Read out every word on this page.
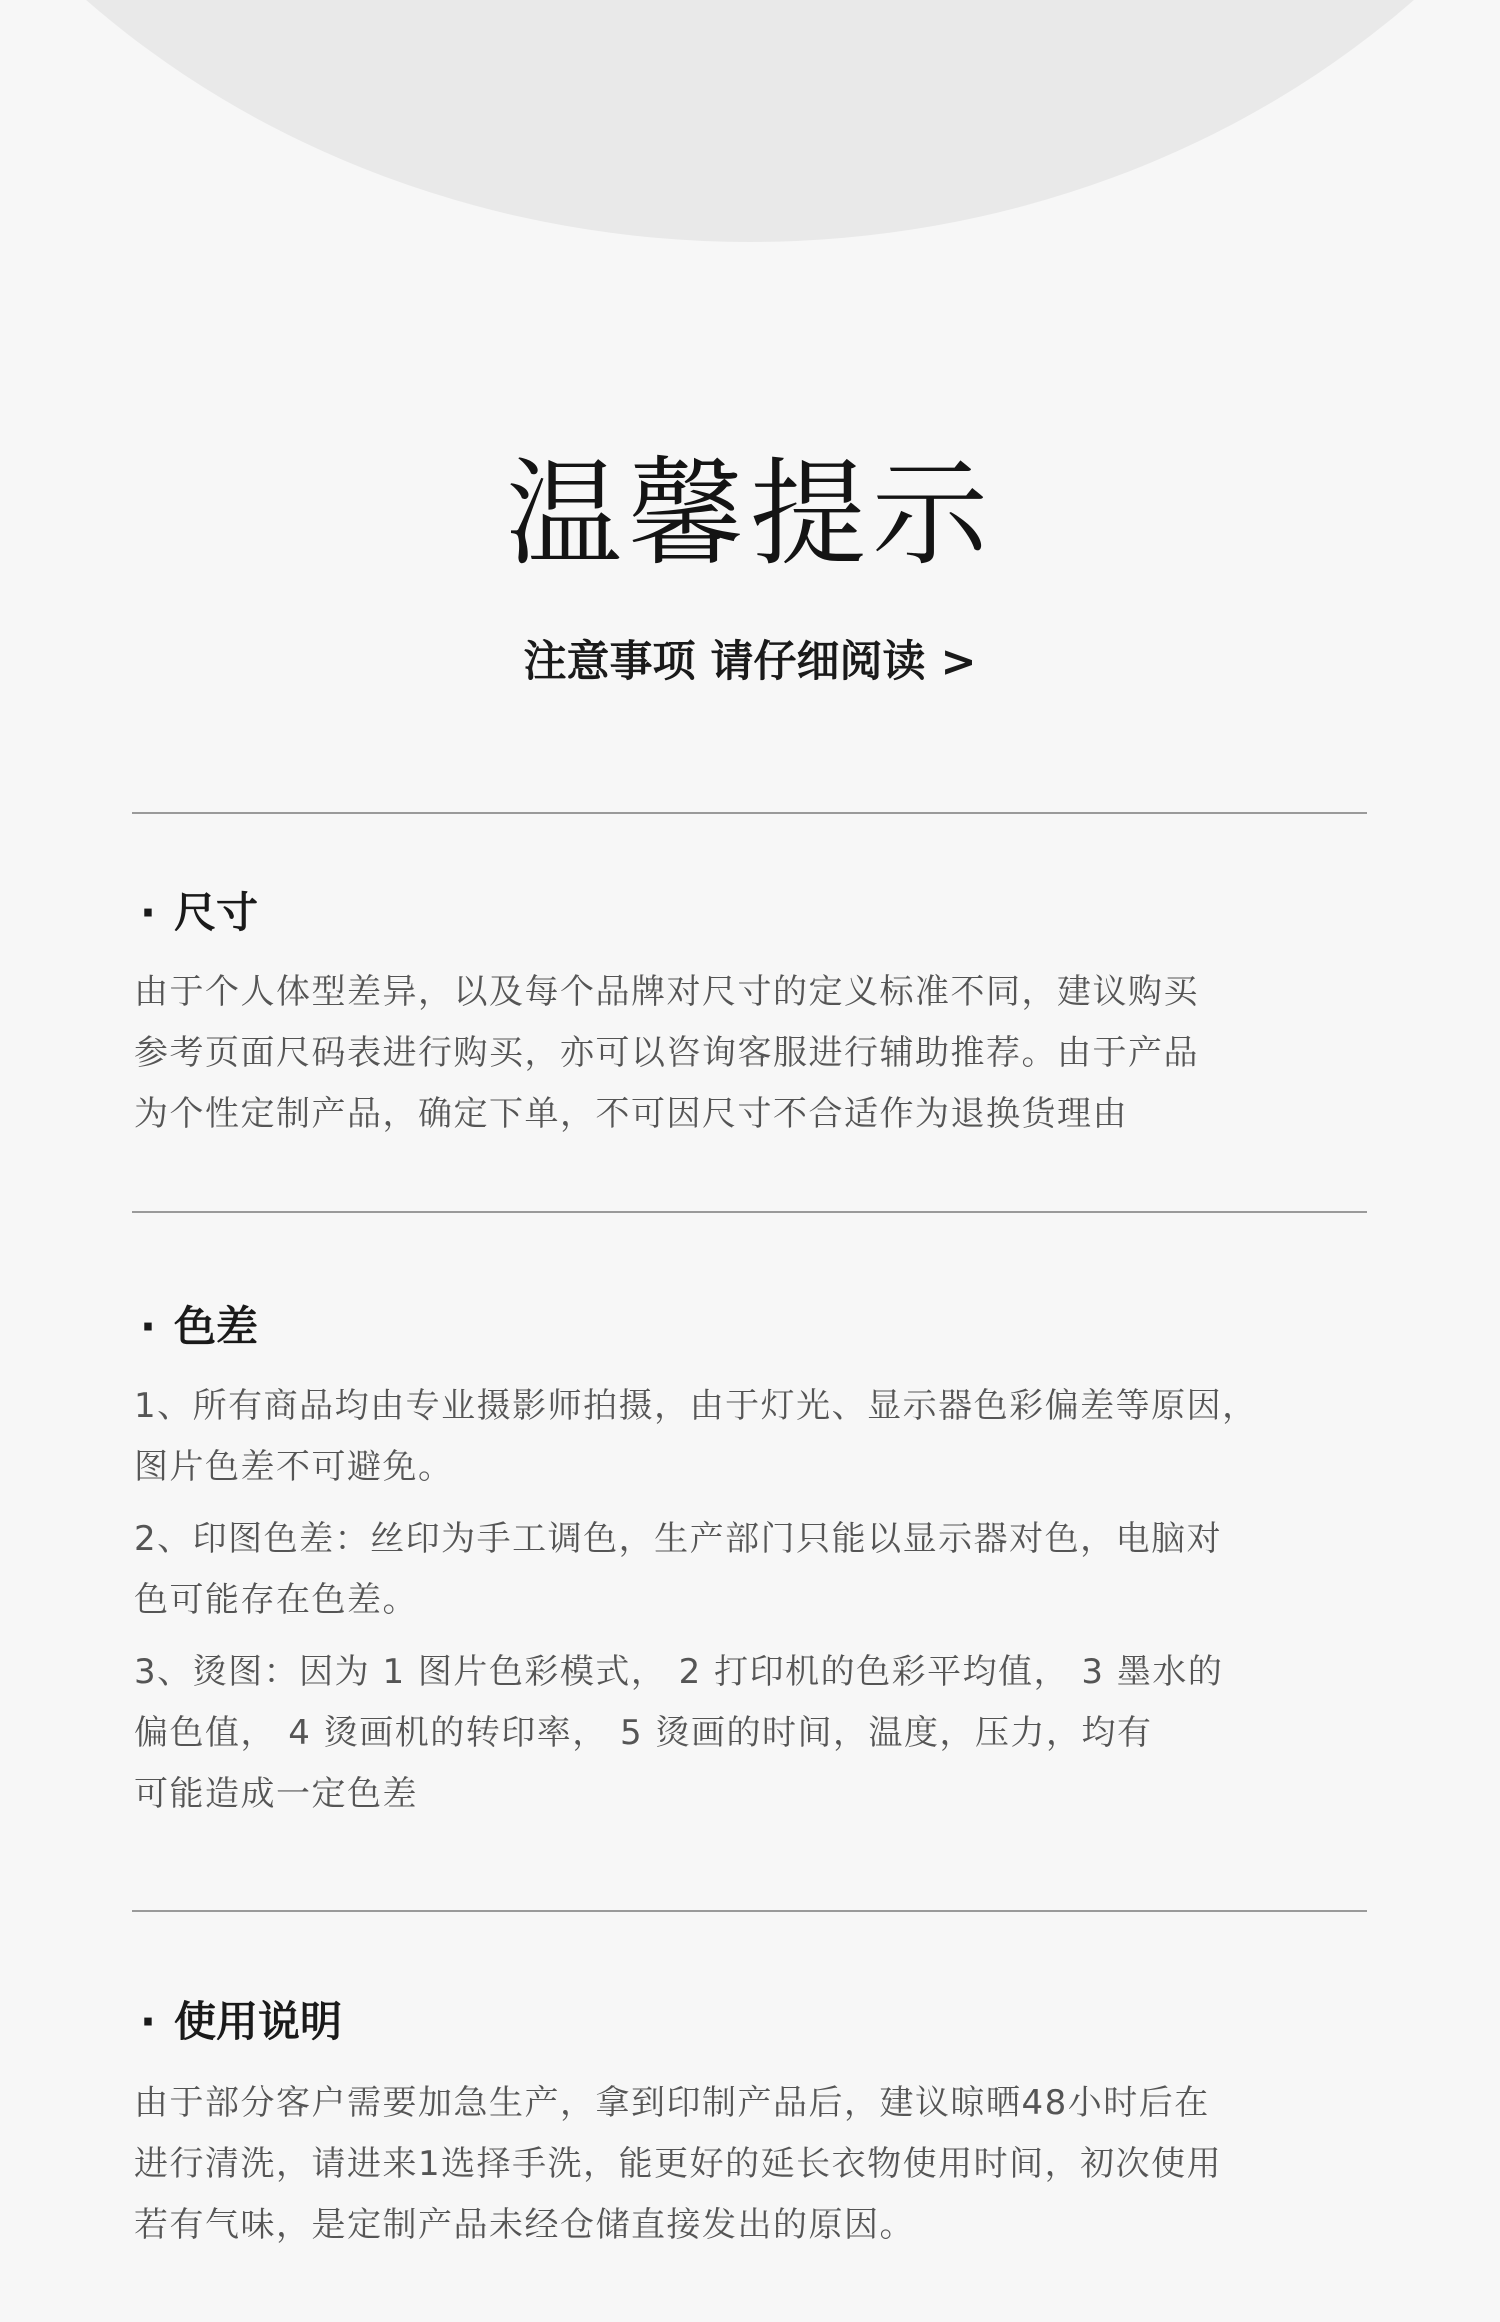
温馨提示
注意事项 请仔细阅读 >
· 尺寸
由于个人体型差异，以及每个品牌对尺寸的定义标准不同，建议购买
参考页面尺码表进行购买，亦可以咨询客服进行辅助推荐。由于产品
为个性定制产品，确定下单，不可因尺寸不合适作为退换货理由
· 色差
1、所有商品均由专业摄影师拍摄，由于灯光、显示器色彩偏差等原因，
图片色差不可避免。
2、印图色差：丝印为手工调色，生产部门只能以显示器对色，电脑对
色可能存在色差。
3、烫图：因为 1 图片色彩模式， 2 打印机的色彩平均值， 3 墨水的
偏色值， 4 烫画机的转印率， 5 烫画的时间，温度，压力，均有
可能造成一定色差
· 使用说明
由于部分客户需要加急生产，拿到印制产品后，建议晾晒48小时后在
进行清洗，请进来1选择手洗，能更好的延长衣物使用时间，初次使用
若有气味，是定制产品未经仓储直接发出的原因。
